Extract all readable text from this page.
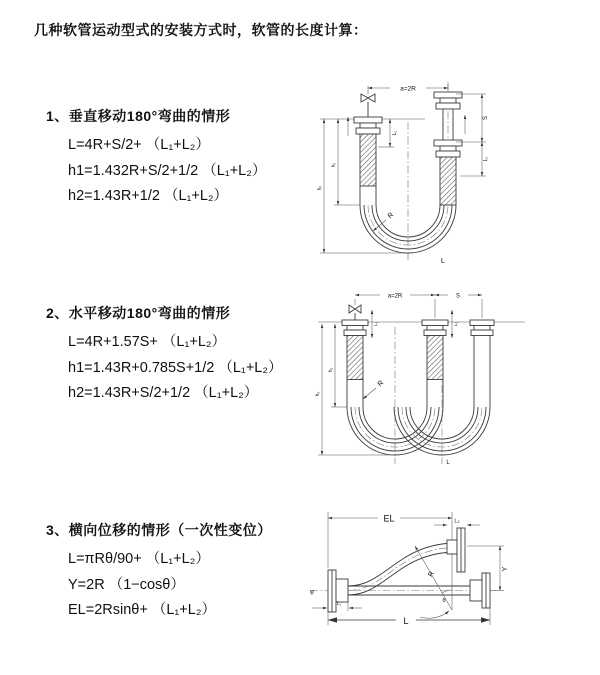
几种软管运动型式的安装方式时，软管的长度计算：
1、垂直移动180°弯曲的情形
L=4R+S/2+ （L₁+L₂）
h1=1.432R+S/2+1/2 （L₁+L₂）
h2=1.43R+1/2 （L₁+L₂）
2、水平移动180°弯曲的情形
L=4R+1.57S+ （L₁+L₂）
h1=1.43R+0.785S+1/2 （L₁+L₂）
h2=1.43R+S/2+1/2 （L₁+L₂）
3、横向位移的情形（一次性变位）
L=πRθ/90+ （L₁+L₂）
Y=2R （1−cosθ）
EL=2Rsinθ+ （L₁+L₂）
a=2R
L₁
S
L₂
h₁
h₂
R
L
a=2R	S
L₁	L₂
h₁
h₂
R
L
EL	L₂
φ
Y
R
θ
L₁
L
